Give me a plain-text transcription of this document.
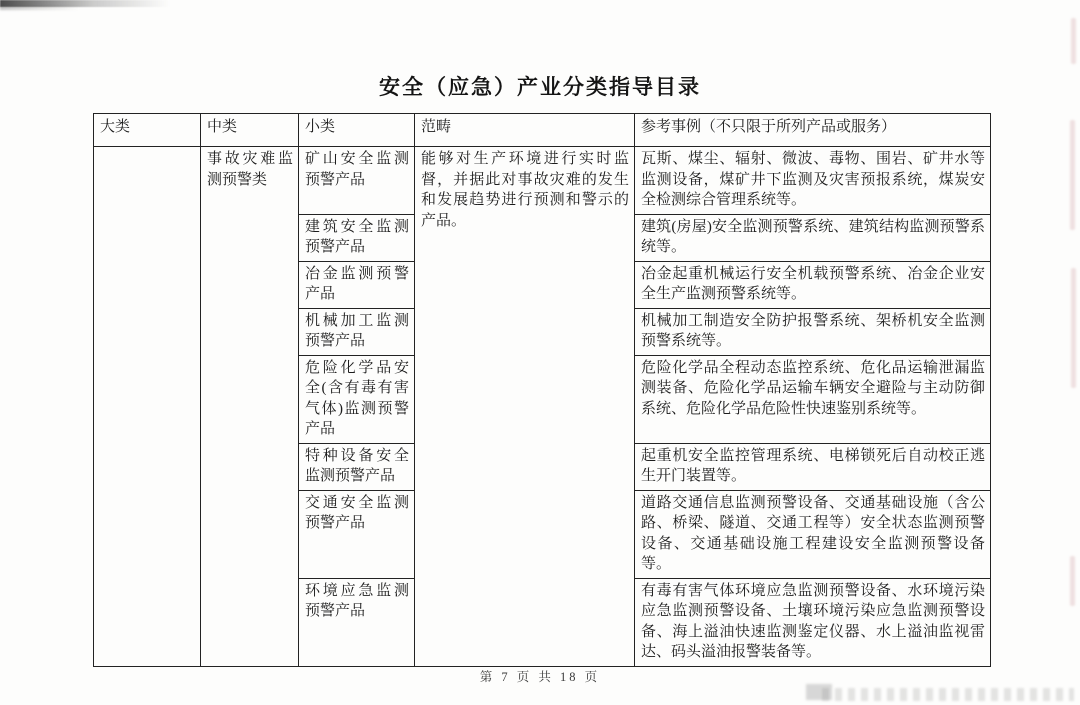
安全（应急）产业分类指导目录
大类	中类	小类	范畴	参考事例（不只限于所列产品或服务）
	事故灾难监测预警类	矿山安全监测预警产品	能够对生产环境进行实时监督，并据此对事故灾难的发生和发展趋势进行预测和警示的产品。	瓦斯、煤尘、辐射、微波、毒物、围岩、矿井水等监测设备，煤矿井下监测及灾害预报系统，煤炭安全检测综合管理系统等。
		建筑安全监测预警产品		建筑(房屋)安全监测预警系统、建筑结构监测预警系统等。
		冶金监测预警产品		冶金起重机械运行安全机载预警系统、冶金企业安全生产监测预警系统等。
		机械加工监测预警产品		机械加工制造安全防护报警系统、架桥机安全监测预警系统等。
		危险化学品安全(含有毒有害气体)监测预警产品		危险化学品全程动态监控系统、危化品运输泄漏监测装备、危险化学品运输车辆安全避险与主动防御系统、危险化学品危险性快速鉴别系统等。
		特种设备安全监测预警产品		起重机安全监控管理系统、电梯锁死后自动校正逃生开门装置等。
		交通安全监测预警产品		道路交通信息监测预警设备、交通基础设施（含公路、桥梁、隧道、交通工程等）安全状态监测预警设备、交通基础设施工程建设安全监测预警设备等。
		环境应急监测预警产品		有毒有害气体环境应急监测预警设备、水环境污染应急监测预警设备、土壤环境污染应急监测预警设备、海上溢油快速监测鉴定仪器、水上溢油监视雷达、码头溢油报警装备等。
第 7 页 共 18 页
